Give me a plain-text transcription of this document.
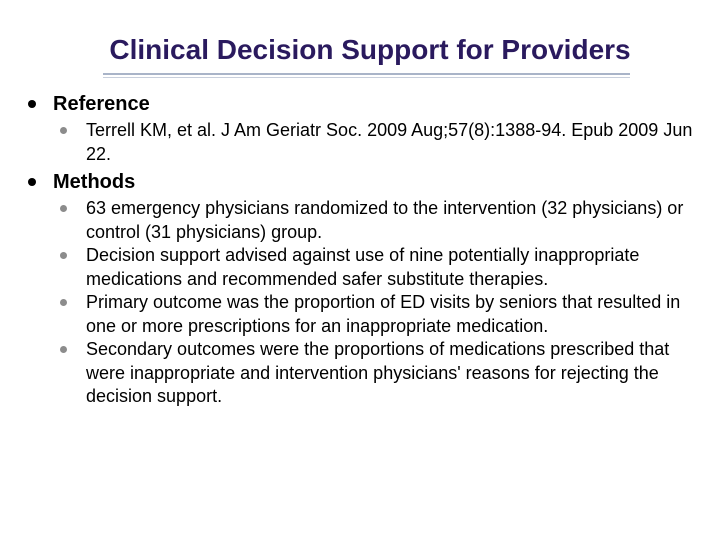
Clinical Decision Support for Providers
Reference
Terrell KM, et al. J Am Geriatr Soc. 2009 Aug;57(8):1388-94. Epub 2009 Jun 22.
Methods
63 emergency physicians randomized to the intervention (32 physicians) or control (31 physicians) group.
Decision support advised against use of nine potentially inappropriate medications and recommended safer substitute therapies.
Primary outcome was the proportion of ED visits by seniors that resulted in one or more prescriptions for an inappropriate medication.
Secondary outcomes were the proportions of medications prescribed that were inappropriate and intervention physicians' reasons for rejecting the decision support.
